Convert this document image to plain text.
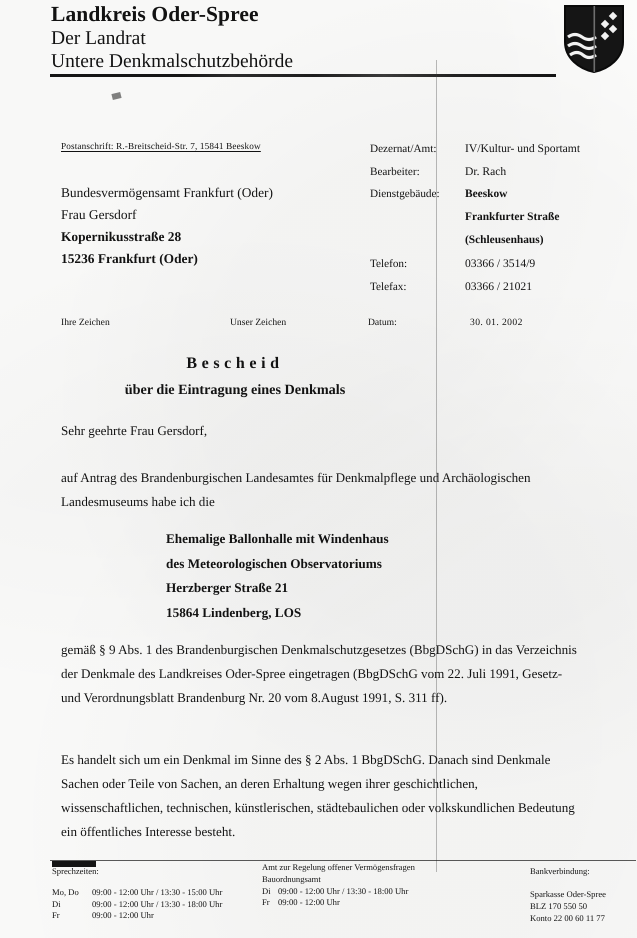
Landkreis Oder-Spree
Der Landrat
Untere Denkmalschutzbehörde
Postanschrift: R.-Breitscheid-Str. 7, 15841 Beeskow
Bundesvermögensamt Frankfurt (Oder)
Frau Gersdorf
Kopernikusstraße 28
15236 Frankfurt (Oder)
Dezernat/Amt:	IV/Kultur- und Sportamt
Bearbeiter:	Dr. Rach
Dienstgebäude:	Beeskow
Frankfurter Straße
(Schleusenhaus)
Telefon:	03366 / 3514/9
Telefax:	03366 / 21021
Ihre Zeichen	Unser Zeichen	Datum:	30. 01. 2002
Bescheid
über die Eintragung eines Denkmals
Sehr geehrte Frau Gersdorf,
auf Antrag des Brandenburgischen Landesamtes für Denkmalpflege und Archäologischen Landesmuseums habe ich die
Ehemalige Ballonhalle mit Windenhaus
des Meteorologischen Observatoriums
Herzberger Straße 21
15864 Lindenberg, LOS
gemäß § 9 Abs. 1 des Brandenburgischen Denkmalschutzgesetzes (BbgDSchG) in das Verzeichnis der Denkmale des Landkreises Oder-Spree eingetragen (BbgDSchG vom 22. Juli 1991, Gesetz- und Verordnungsblatt Brandenburg Nr. 20 vom 8.August 1991, S. 311 ff).
Es handelt sich um ein Denkmal im Sinne des § 2 Abs. 1 BbgDSchG. Danach sind Denkmale Sachen oder Teile von Sachen, an deren Erhaltung wegen ihrer geschichtlichen, wissenschaftlichen, technischen, künstlerischen, städtebaulichen oder volkskundlichen Bedeutung ein öffentliches Interesse besteht.
Sprechzeiten:
Mo, Do	09:00 - 12:00 Uhr / 13:30 - 15:00 Uhr
Di	09:00 - 12:00 Uhr / 13:30 - 18:00 Uhr
Fr	09:00 - 12:00 Uhr
Amt zur Regelung offener Vermögensfragen
Bauordnungsamt
Di 09:00 - 12:00 Uhr / 13:30 - 18:00 Uhr
Fr 09:00 - 12:00 Uhr
Bankverbindung:
Sparkasse Oder-Spree
BLZ 170 550 50
Konto 22 00 60 11 77
